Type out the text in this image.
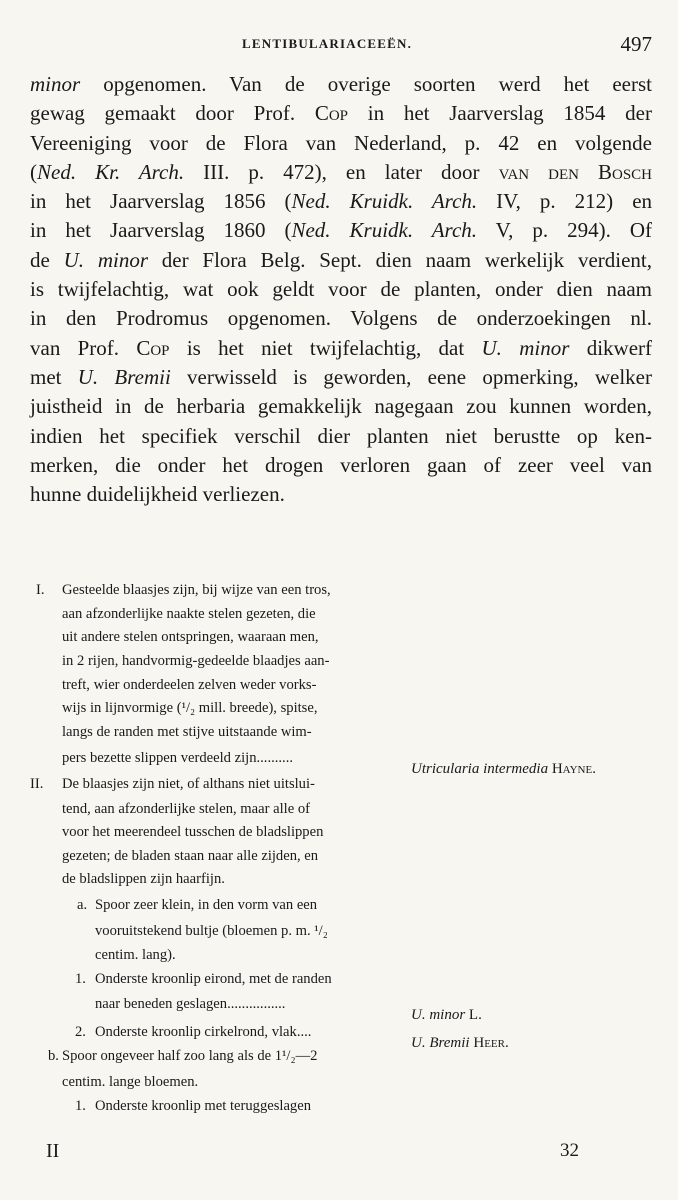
LENTIBULARIACEEËN.	497
minor opgenomen. Van de overige soorten werd het eerst
gewag gemaakt door Prof. Cop in het Jaarverslag 1854 der
Vereeniging voor de Flora van Nederland, p. 42 en volgende
(Ned. Kr. Arch. III. p. 472), en later door van den Bosch
in het Jaarverslag 1856 (Ned. Kruidk. Arch. IV, p. 212) en
in het Jaarverslag 1860 (Ned. Kruidk. Arch. V, p. 294). Of
de U. minor der Flora Belg. Sept. dien naam werkelijk verdient,
is twijfelachtig, wat ook geldt voor de planten, onder dien naam
in den Prodromus opgenomen. Volgens de onderzoekingen nl.
van Prof. Cop is het niet twijfelachtig, dat U. minor dikwerf
met U. Bremii verwisseld is geworden, eene opmerking, welker
juistheid in de herbaria gemakkelijk nagegaan zou kunnen worden,
indien het specifiek verschil dier planten niet berustte op ken-
merken, die onder het drogen verloren gaan of zeer veel van
hunne duidelijkheid verliezen.
I. Gesteelde blaasjes zijn, bij wijze van een tros,
aan afzonderlijke naakte stelen gezeten, die
uit andere stelen ontspringen, waaraan men,
in 2 rijen, handvormig-gedeelde blaadjes aan-
treft, wier onderdeelen zelven weder vorks-
wijs in lijnvormige (¹/₂ mill. breede), spitse,
langs de randen met stijve uitstaande wim-
pers bezette slippen verdeeld zijn..........
II. De blaasjes zijn niet, of althans niet uitslui-
tend, aan afzonderlijke stelen, maar alle of
voor het meerendeel tusschen de bladslippen
gezeten; de bladen staan naar alle zijden, en
de bladslippen zijn haarfijn.
a. Spoor zeer klein, in den vorm van een
vooruitstekend bultje (bloemen p. m. ¹/₂
centim. lang).
1. Onderste kroonlip eirond, met de randen
naar beneden geslagen................
2. Onderste kroonlip cirkelrond, vlak....
b. Spoor ongeveer half zoo lang als de 1¹/₂—2
centim. lange bloemen.
1. Onderste kroonlip met teruggeslagen
Utricularia intermedia Hayne.
U. minor L.
U. Bremii Heer.
II	32
